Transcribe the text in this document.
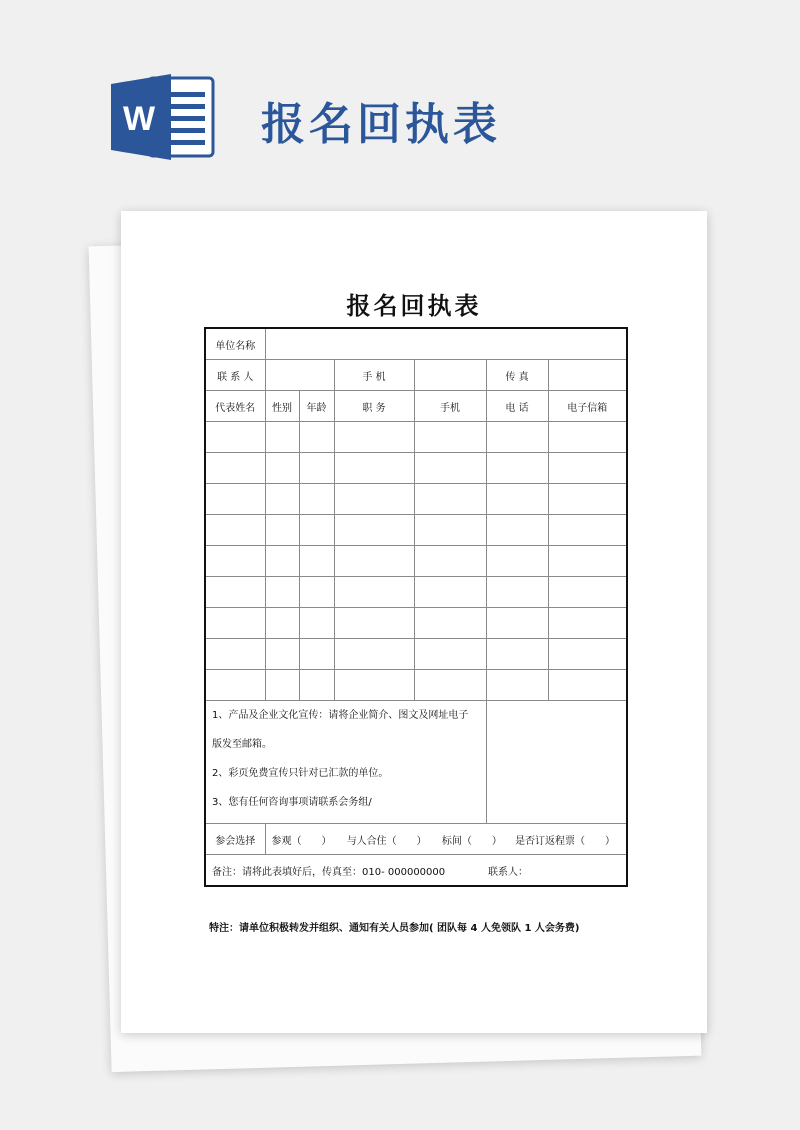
W 报名回执表
报名回执表
单位名称						
联 系 人			手 机		传 真	
代表姓名	性别	年龄	职 务	手机	电 话	电子信箱

1、产品及企业文化宣传：请将企业简介、图文及网址电子
版发至邮箱。
2、彩页免费宣传只针对已汇款的单位。
3、您有任何咨询事项请联系会务组/						

参会选择	参观（　　） 与人合住（　　） 标间（　　） 是否订返程票（　　）					
备注：请将此表填好后，传真至：010- 000000000 联系人：						
特注：请单位积极转发并组织、通知有关人员参加( 团队每 4 人免领队 1 人会务费)
